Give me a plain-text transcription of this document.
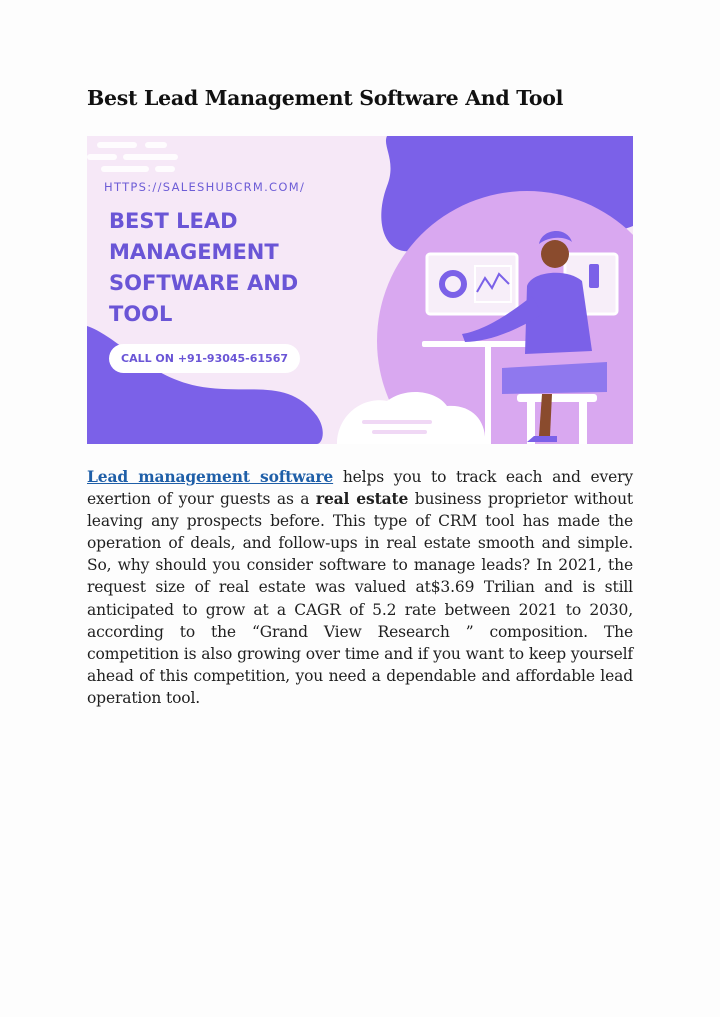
Best Lead Management Software And Tool
HTTPS://SALESHUBCRM.COM/
BEST LEAD
MANAGEMENT
SOFTWARE AND
TOOL
CALL ON +91-93045-61567

Lead management software helps you to track each and every exertion of your guests as a real estate business proprietor without leaving any prospects before. This type of CRM tool has made the operation of deals, and follow-ups in real estate smooth and simple. So, why should you consider software to manage leads? In 2021, the request size of real estate was valued at$3.69 Trilian and is still anticipated to grow at a CAGR of 5.2 rate between 2021 to 2030, according to the “Grand View Research ” composition. The competition is also growing over time and if you want to keep yourself ahead of this competition, you need a dependable and affordable lead operation tool.
